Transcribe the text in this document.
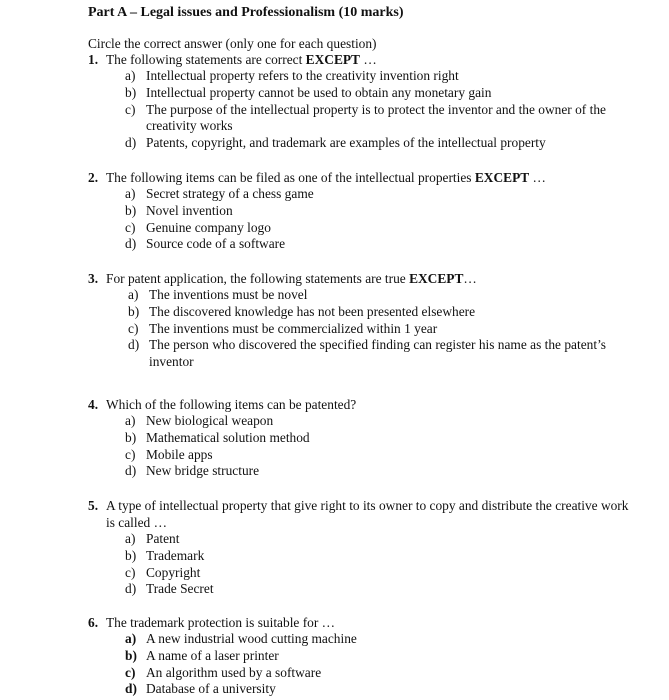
Part A – Legal issues and Professionalism (10 marks)
Circle the correct answer (only one for each question)
1. The following statements are correct EXCEPT …
a) Intellectual property refers to the creativity invention right
b) Intellectual property cannot be used to obtain any monetary gain
c) The purpose of the intellectual property is to protect the inventor and the owner of the creativity works
d) Patents, copyright, and trademark are examples of the intellectual property
2. The following items can be filed as one of the intellectual properties EXCEPT …
a) Secret strategy of a chess game
b) Novel invention
c) Genuine company logo
d) Source code of a software
3. For patent application, the following statements are true EXCEPT…
a) The inventions must be novel
b) The discovered knowledge has not been presented elsewhere
c) The inventions must be commercialized within 1 year
d) The person who discovered the specified finding can register his name as the patent’s inventor
4. Which of the following items can be patented?
a) New biological weapon
b) Mathematical solution method
c) Mobile apps
d) New bridge structure
5. A type of intellectual property that give right to its owner to copy and distribute the creative work is called …
a) Patent
b) Trademark
c) Copyright
d) Trade Secret
6. The trademark protection is suitable for …
a) A new industrial wood cutting machine
b) A name of a laser printer
c) An algorithm used by a software
d) Database of a university
